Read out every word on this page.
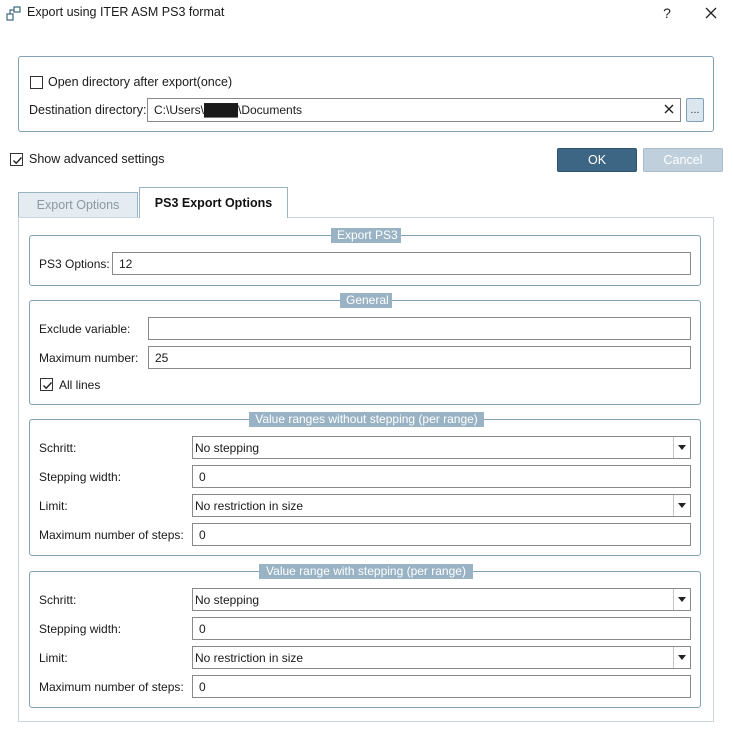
Export using ITER ASM PS3 format	?
Open directory after export(once)
Destination directory: C:\Users\████\Documents	...
Show advanced settings	OK	Cancel
Export Options	PS3 Export Options
Export PS3
PS3 Options: 12
General
Exclude variable:
Maximum number: 25
All lines
Value ranges without stepping (per range)
Schritt:	No stepping
Stepping width:	0
Limit:	No restriction in size
Maximum number of steps: 0
Value range with stepping (per range)
Schritt:	No stepping
Stepping width:	0
Limit:	No restriction in size
Maximum number of steps: 0
